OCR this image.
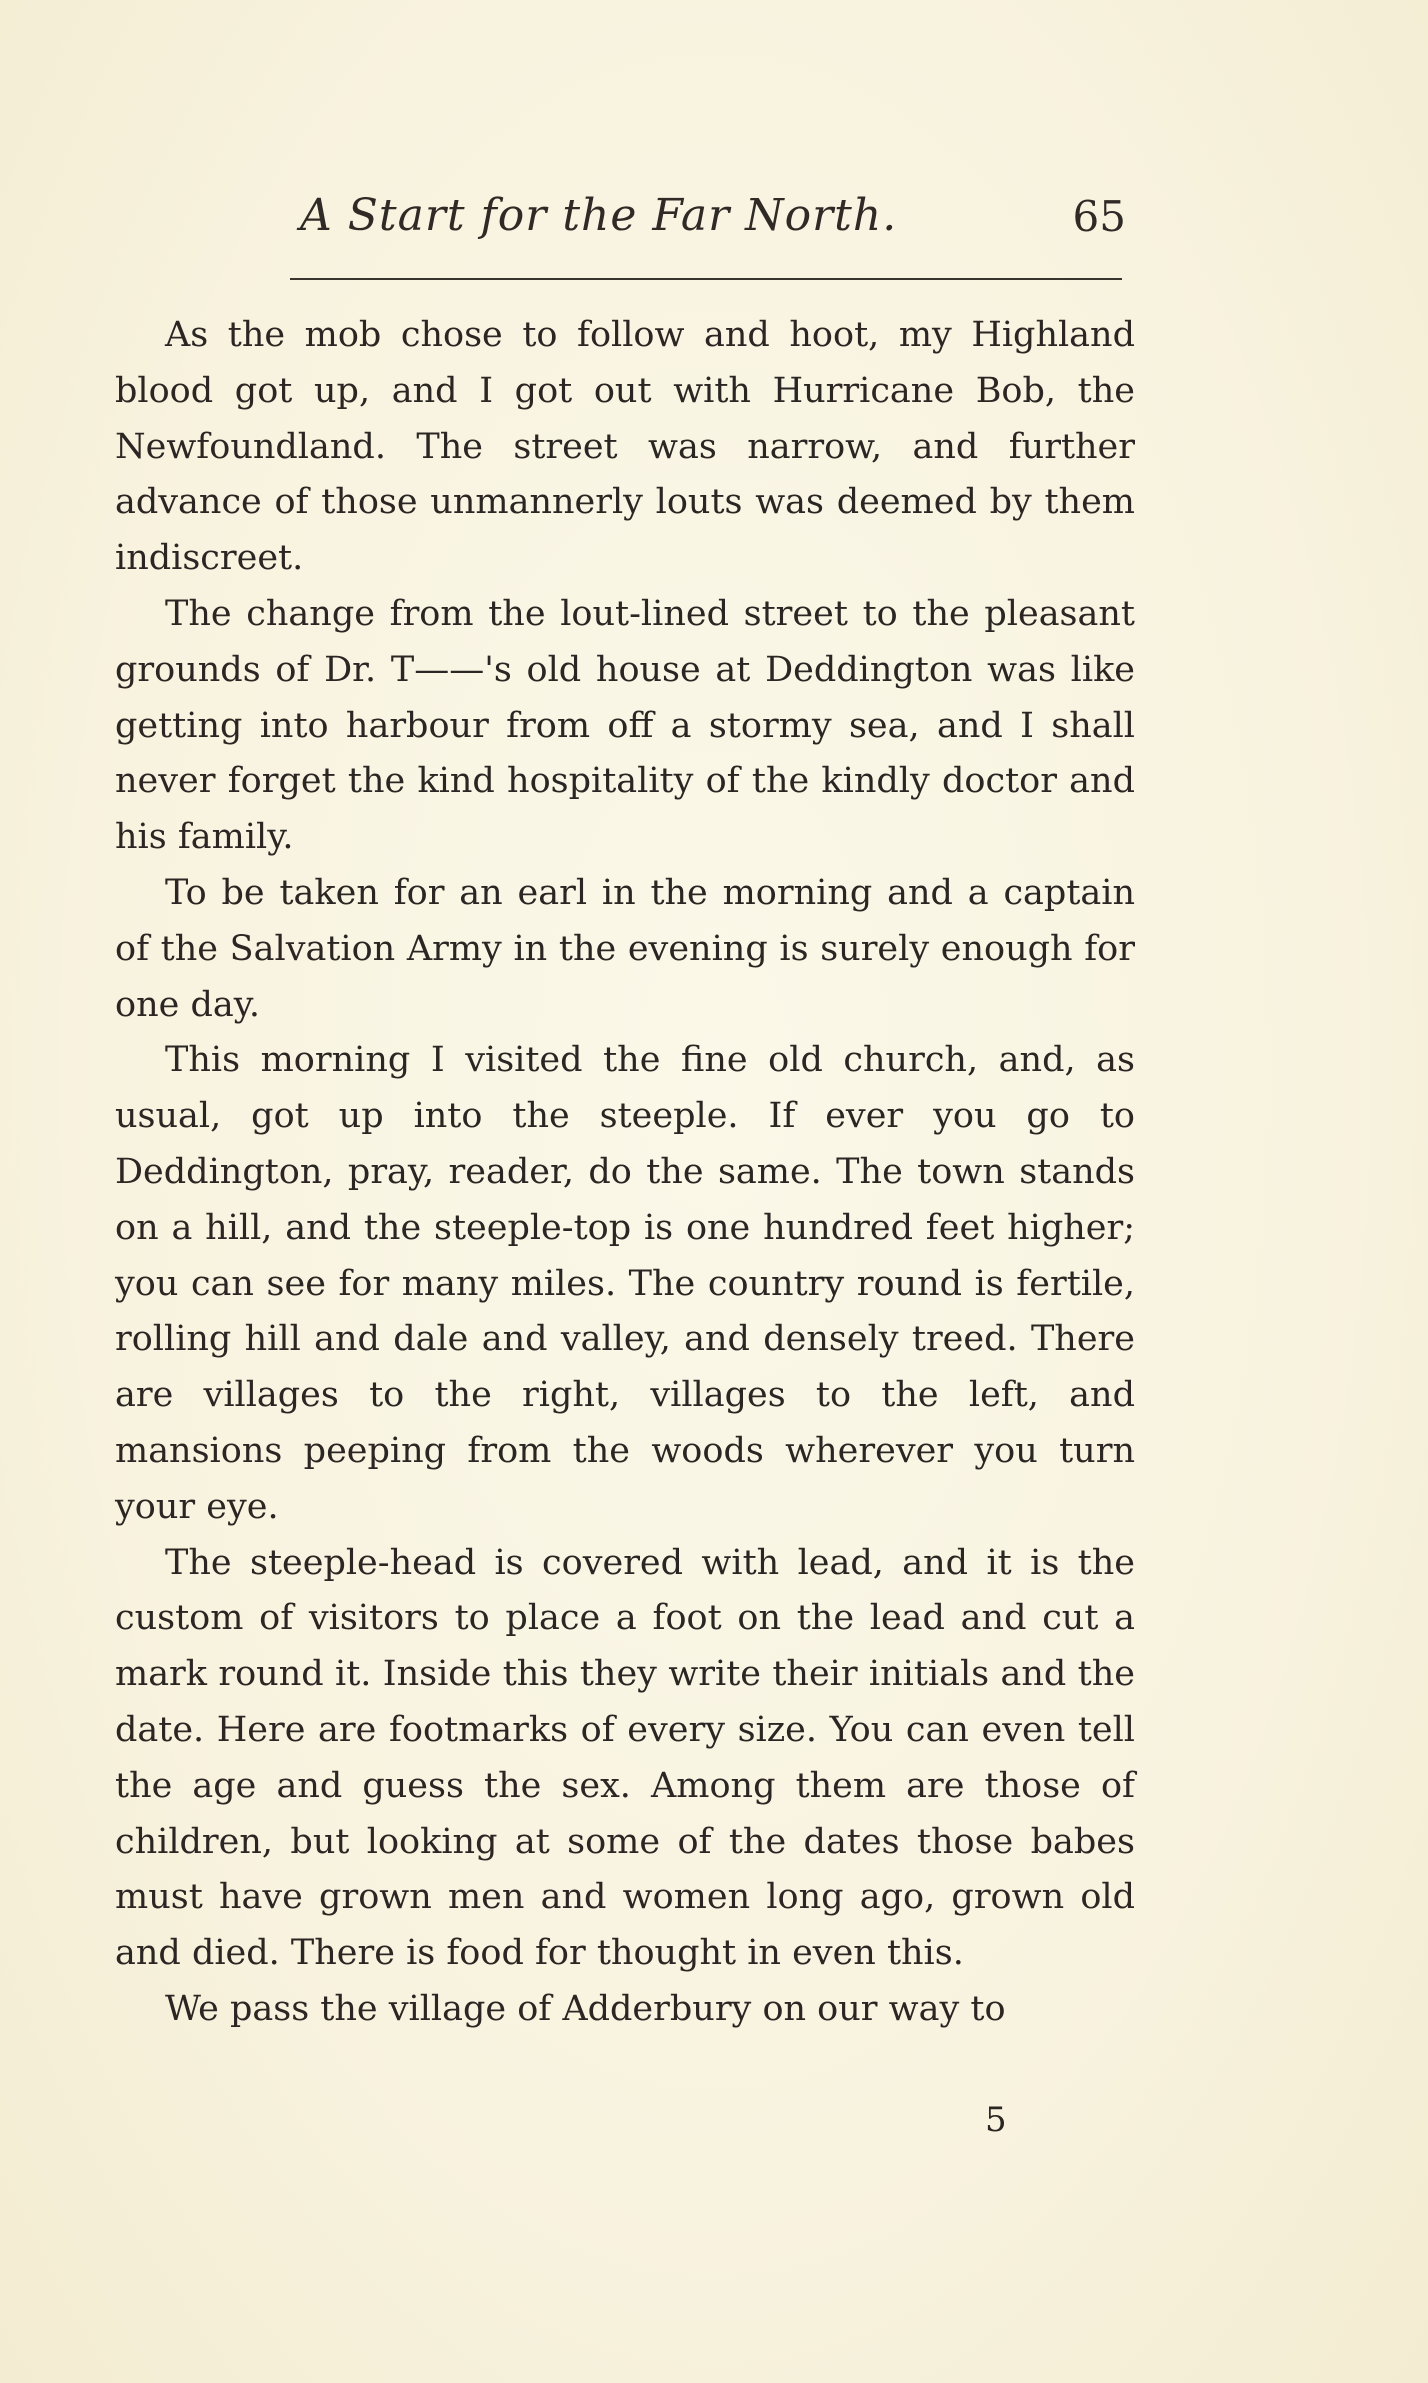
A Start for the Far North.	65

As the mob chose to follow and hoot, my Highland blood got up, and I got out with Hurricane Bob, the Newfoundland. The street was narrow, and further advance of those unmannerly louts was deemed by them indiscreet.

The change from the lout-lined street to the pleasant grounds of Dr. T——'s old house at Deddington was like getting into harbour from off a stormy sea, and I shall never forget the kind hospitality of the kindly doctor and his family.

To be taken for an earl in the morning and a captain of the Salvation Army in the evening is surely enough for one day.

This morning I visited the fine old church, and, as usual, got up into the steeple. If ever you go to Deddington, pray, reader, do the same. The town stands on a hill, and the steeple-top is one hundred feet higher; you can see for many miles. The country round is fertile, rolling hill and dale and valley, and densely treed. There are villages to the right, villages to the left, and mansions peeping from the woods wherever you turn your eye.

The steeple-head is covered with lead, and it is the custom of visitors to place a foot on the lead and cut a mark round it. Inside this they write their initials and the date. Here are footmarks of every size. You can even tell the age and guess the sex. Among them are those of children, but looking at some of the dates those babes must have grown men and women long ago, grown old and died. There is food for thought in even this.

We pass the village of Adderbury on our way to

5
